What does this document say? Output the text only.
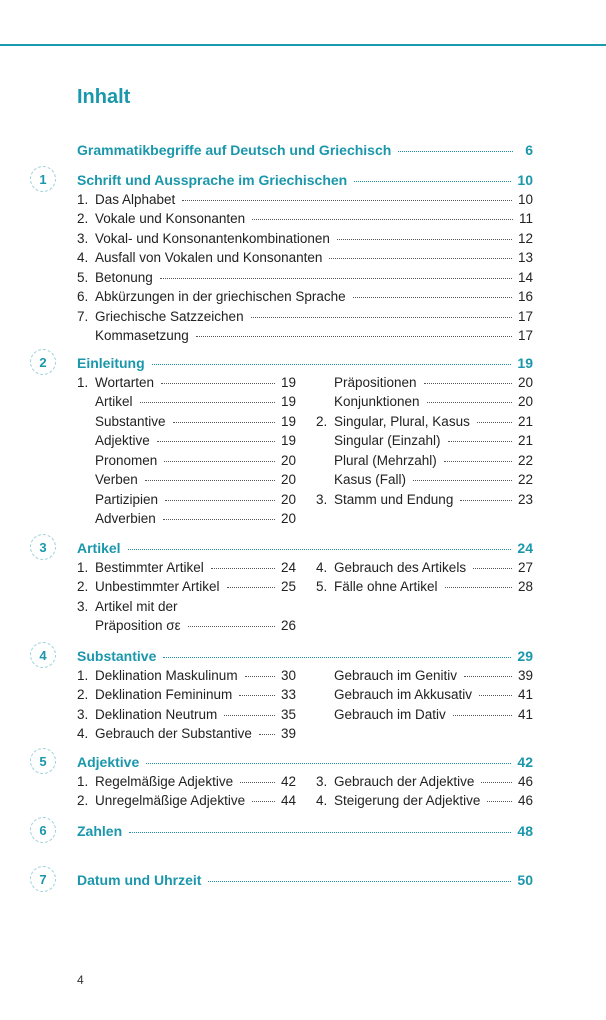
Inhalt
Grammatikbegriffe auf Deutsch und Griechisch	6
1	Schrift und Aussprache im Griechischen	10
1. Das Alphabet	10
2. Vokale und Konsonanten	11
3. Vokal- und Konsonantenkombinationen	12
4. Ausfall von Vokalen und Konsonanten	13
5. Betonung	14
6. Abkürzungen in der griechischen Sprache	16
7. Griechische Satzzeichen	17
Kommasetzung	17
2	Einleitung	19
1. Wortarten	19
Artikel	19
Substantive	19
Adjektive	19
Pronomen	20
Verben	20
Partizipien	20
Adverbien	20
Präpositionen	20
Konjunktionen	20
2. Singular, Plural, Kasus	21
Singular (Einzahl)	21
Plural (Mehrzahl)	22
Kasus (Fall)	22
3. Stamm und Endung	23
3	Artikel	24
1. Bestimmter Artikel	24
2. Unbestimmter Artikel	25
3. Artikel mit der
Präposition σε	26
4. Gebrauch des Artikels	27
5. Fälle ohne Artikel	28
4	Substantive	29
1. Deklination Maskulinum	30
2. Deklination Femininum	33
3. Deklination Neutrum	35
4. Gebrauch der Substantive 39
Gebrauch im Genitiv	39
Gebrauch im Akkusativ	41
Gebrauch im Dativ	41
5	Adjektive	42
1. Regelmäßige Adjektive	42
2. Unregelmäßige Adjektive	44
3. Gebrauch der Adjektive	46
4. Steigerung der Adjektive	46
6	Zahlen	48
7	Datum und Uhrzeit	50
4
